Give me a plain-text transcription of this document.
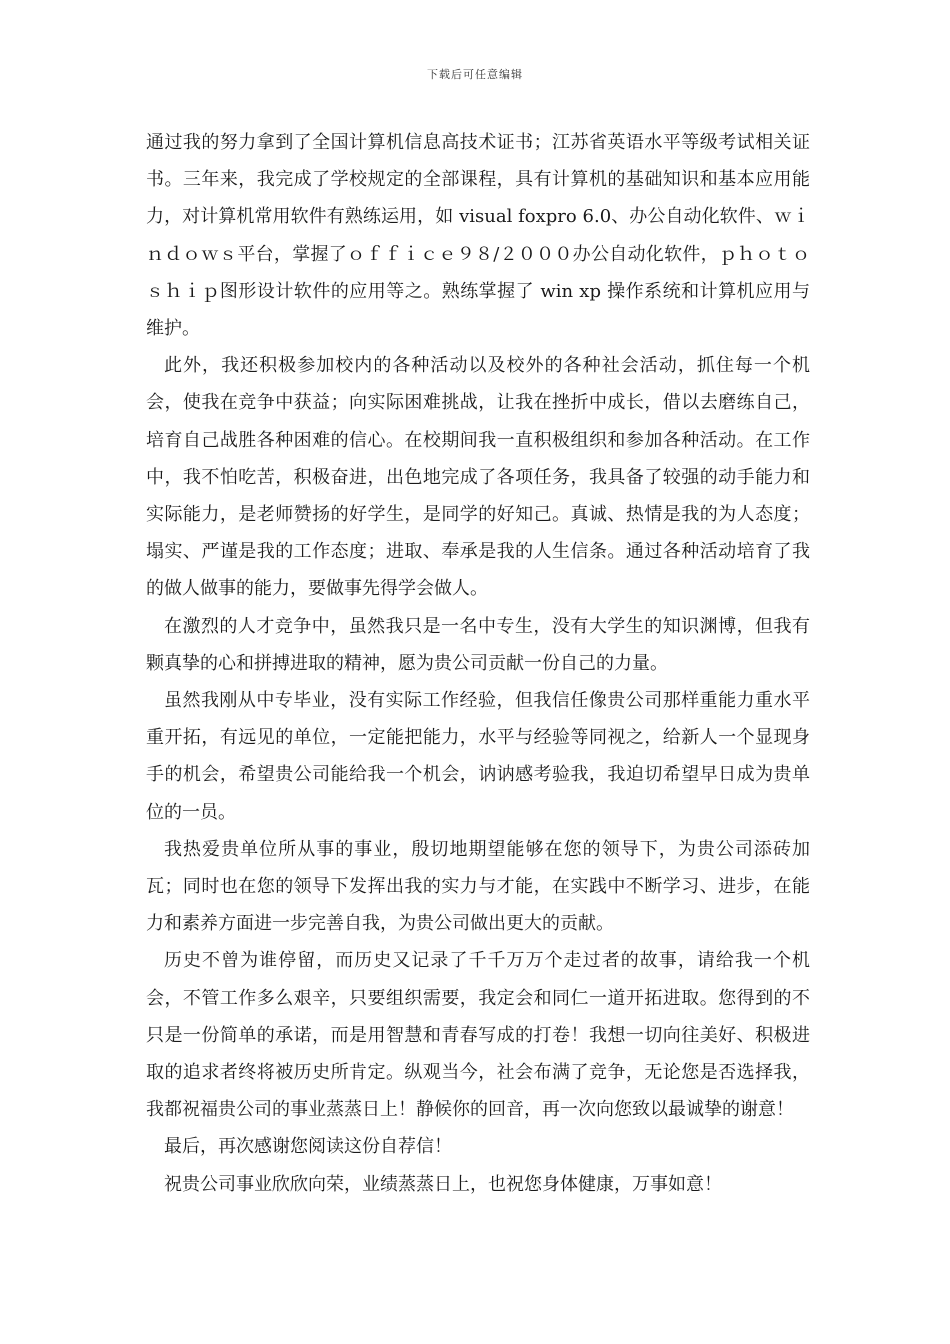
下载后可任意编辑

通过我的努力拿到了全国计算机信息高技术证书；江苏省英语水平等级考试相关证书。三年来，我完成了学校规定的全部课程，具有计算机的基础知识和基本应用能力，对计算机常用软件有熟练运用，如 visual foxpro 6.0、办公自动化软件、ｗｉｎｄｏｗｓ平台，掌握了ｏｆｆｉｃｅ９８/２０００办公自动化软件，ｐｈｏｔｏｓｈｉｐ图形设计软件的应用等之。熟练掌握了 win xp 操作系统和计算机应用与维护。

此外，我还积极参加校内的各种活动以及校外的各种社会活动，抓住每一个机会，使我在竞争中获益；向实际困难挑战，让我在挫折中成长，借以去磨练自己，培育自己战胜各种困难的信心。在校期间我一直积极组织和参加各种活动。在工作中，我不怕吃苦，积极奋进，出色地完成了各项任务，我具备了较强的动手能力和实际能力，是老师赞扬的好学生，是同学的好知己。真诚、热情是我的为人态度；塌实、严谨是我的工作态度；进取、奉承是我的人生信条。通过各种活动培育了我的做人做事的能力，要做事先得学会做人。

在激烈的人才竞争中，虽然我只是一名中专生，没有大学生的知识渊博，但我有颗真挚的心和拼搏进取的精神，愿为贵公司贡献一份自己的力量。

虽然我刚从中专毕业，没有实际工作经验，但我信任像贵公司那样重能力重水平重开拓，有远见的单位，一定能把能力，水平与经验等同视之，给新人一个显现身手的机会，希望贵公司能给我一个机会，讷讷感考验我，我迫切希望早日成为贵单位的一员。

我热爱贵单位所从事的事业，殷切地期望能够在您的领导下，为贵公司添砖加瓦；同时也在您的领导下发挥出我的实力与才能，在实践中不断学习、进步，在能力和素养方面进一步完善自我，为贵公司做出更大的贡献。

历史不曾为谁停留，而历史又记录了千千万万个走过者的故事，请给我一个机会，不管工作多么艰辛，只要组织需要，我定会和同仁一道开拓进取。您得到的不只是一份简单的承诺，而是用智慧和青春写成的打卷！我想一切向往美好、积极进取的追求者终将被历史所肯定。纵观当今，社会布满了竞争，无论您是否选择我，我都祝福贵公司的事业蒸蒸日上！静候你的回音，再一次向您致以最诚挚的谢意！

最后，再次感谢您阅读这份自荐信！

祝贵公司事业欣欣向荣，业绩蒸蒸日上，也祝您身体健康，万事如意！
